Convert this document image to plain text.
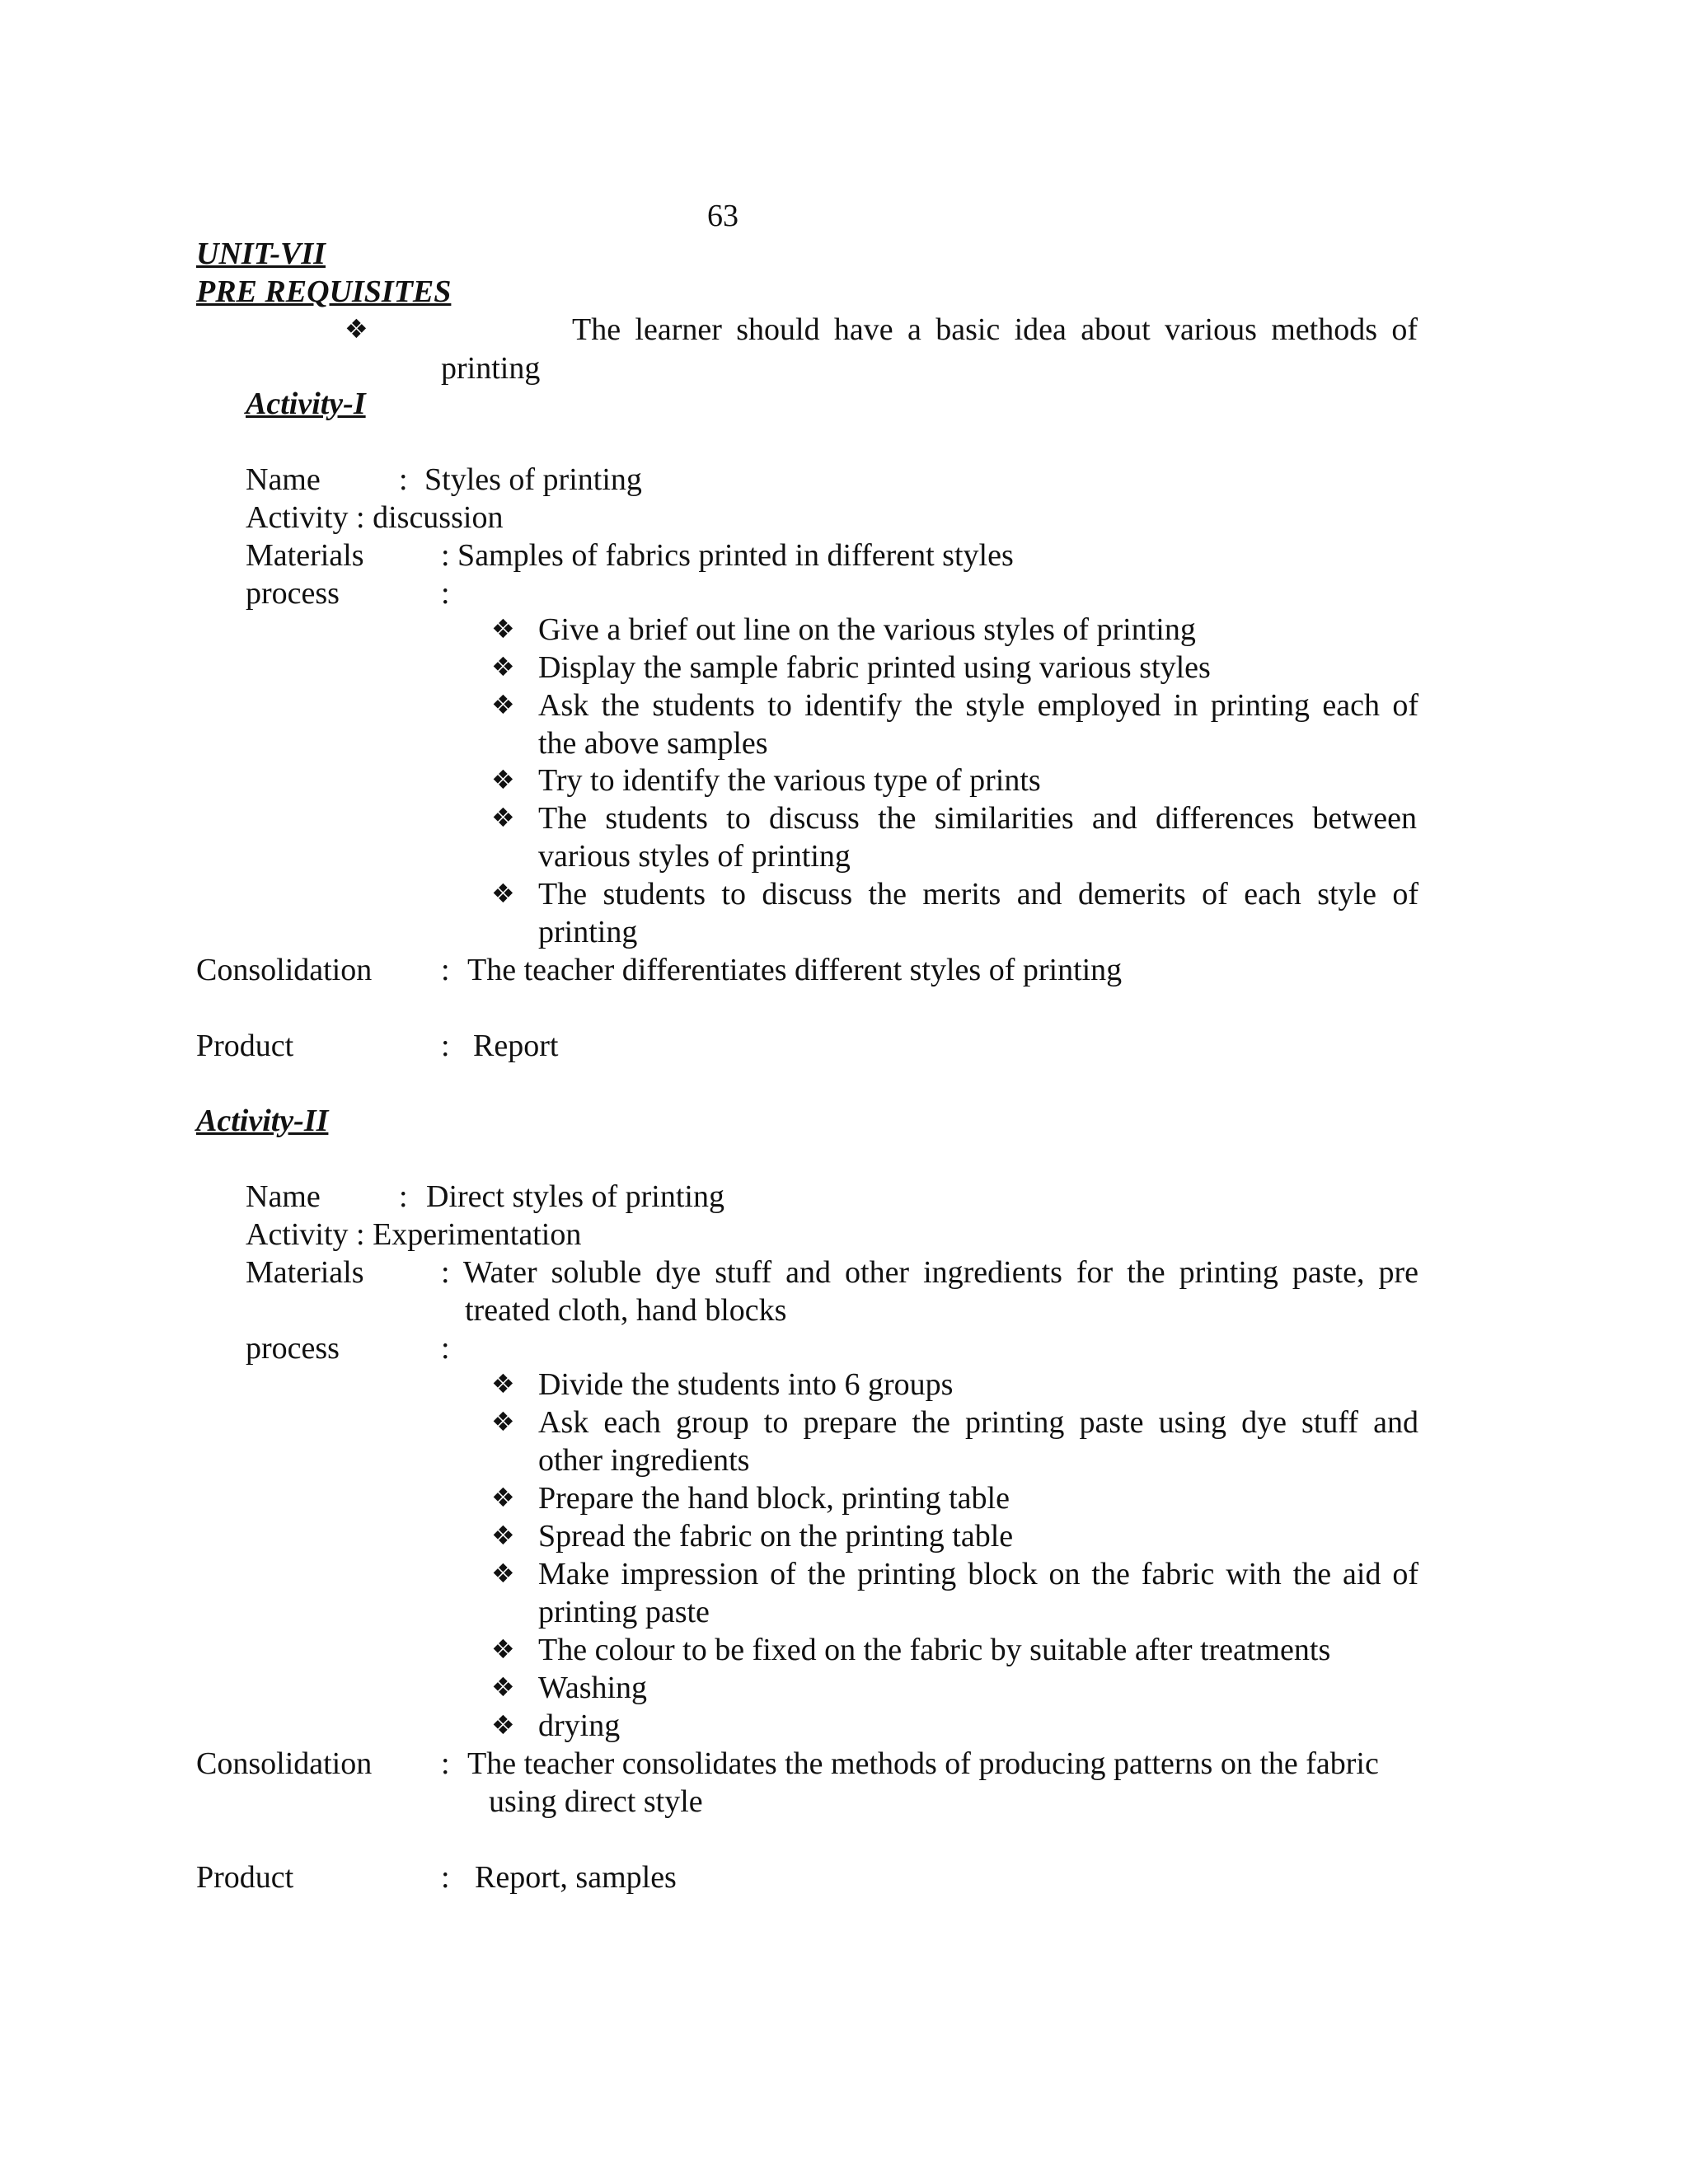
63
UNIT-VII
PRE REQUISITES
❖	The learner should have a basic idea about various methods of
printing
Activity-I
Name	: Styles of printing
Activity : discussion
Materials : Samples of fabrics printed in different styles
process	:
❖ Give a brief out line on the various styles of printing
❖ Display the sample fabric printed using various styles
❖ Ask the students to identify the style employed in printing each of
the above samples
❖ Try to identify the various type of prints
❖ The students to discuss the similarities and differences between
various styles of printing
❖ The students to discuss the merits and demerits of each style of
printing
Consolidation : The teacher differentiates different styles of printing
Product	: Report
Activity-II
Name	: Direct styles of printing
Activity : Experimentation
Materials : Water soluble dye stuff and other ingredients for the printing paste, pre
treated cloth, hand blocks
process	:
❖ Divide the students into 6 groups
❖ Ask each group to prepare the printing paste using dye stuff and
other ingredients
❖ Prepare the hand block, printing table
❖ Spread the fabric on the printing table
❖ Make impression of the printing block on the fabric with the aid of
printing paste
❖ The colour to be fixed on the fabric by suitable after treatments
❖ Washing
❖ drying
Consolidation : The teacher consolidates the methods of producing patterns on the fabric
using direct style
Product	: Report, samples
